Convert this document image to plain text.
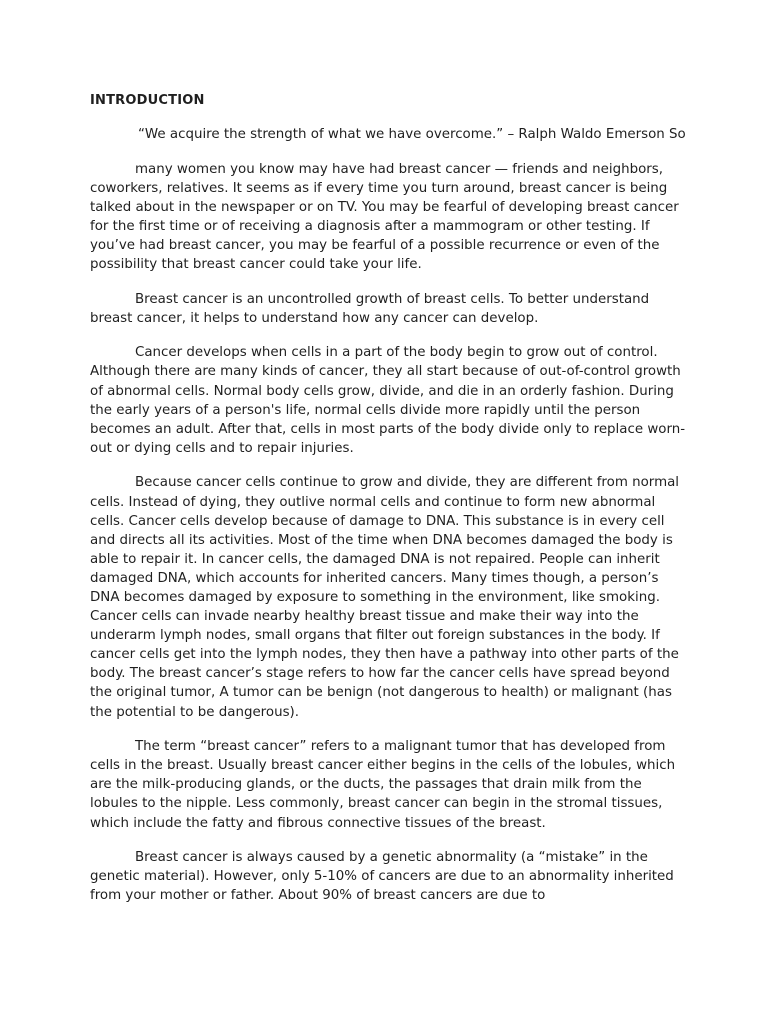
INTRODUCTION

“We acquire the strength of what we have overcome.” – Ralph Waldo Emerson So

many women you know may have had breast cancer — friends and neighbors, coworkers, relatives. It seems as if every time you turn around, breast cancer is being talked about in the newspaper or on TV. You may be fearful of developing breast cancer for the first time or of receiving a diagnosis after a mammogram or other testing. If you’ve had breast cancer, you may be fearful of a possible recurrence or even of the possibility that breast cancer could take your life.

Breast cancer is an uncontrolled growth of breast cells. To better understand breast cancer, it helps to understand how any cancer can develop.

Cancer develops when cells in a part of the body begin to grow out of control. Although there are many kinds of cancer, they all start because of out-of-control growth of abnormal cells. Normal body cells grow, divide, and die in an orderly fashion. During the early years of a person's life, normal cells divide more rapidly until the person becomes an adult. After that, cells in most parts of the body divide only to replace worn-out or dying cells and to repair injuries.

Because cancer cells continue to grow and divide, they are different from normal cells. Instead of dying, they outlive normal cells and continue to form new abnormal cells. Cancer cells develop because of damage to DNA. This substance is in every cell and directs all its activities. Most of the time when DNA becomes damaged the body is able to repair it. In cancer cells, the damaged DNA is not repaired. People can inherit damaged DNA, which accounts for inherited cancers. Many times though, a person’s DNA becomes damaged by exposure to something in the environment, like smoking. Cancer cells can invade nearby healthy breast tissue and make their way into the underarm lymph nodes, small organs that filter out foreign substances in the body. If cancer cells get into the lymph nodes, they then have a pathway into other parts of the body. The breast cancer’s stage refers to how far the cancer cells have spread beyond the original tumor, A tumor can be benign (not dangerous to health) or malignant (has the potential to be dangerous).

The term “breast cancer” refers to a malignant tumor that has developed from cells in the breast. Usually breast cancer either begins in the cells of the lobules, which are the milk-producing glands, or the ducts, the passages that drain milk from the lobules to the nipple. Less commonly, breast cancer can begin in the stromal tissues, which include the fatty and fibrous connective tissues of the breast.

Breast cancer is always caused by a genetic abnormality (a “mistake” in the genetic material). However, only 5-10% of cancers are due to an abnormality inherited from your mother or father. About 90% of breast cancers are due to
